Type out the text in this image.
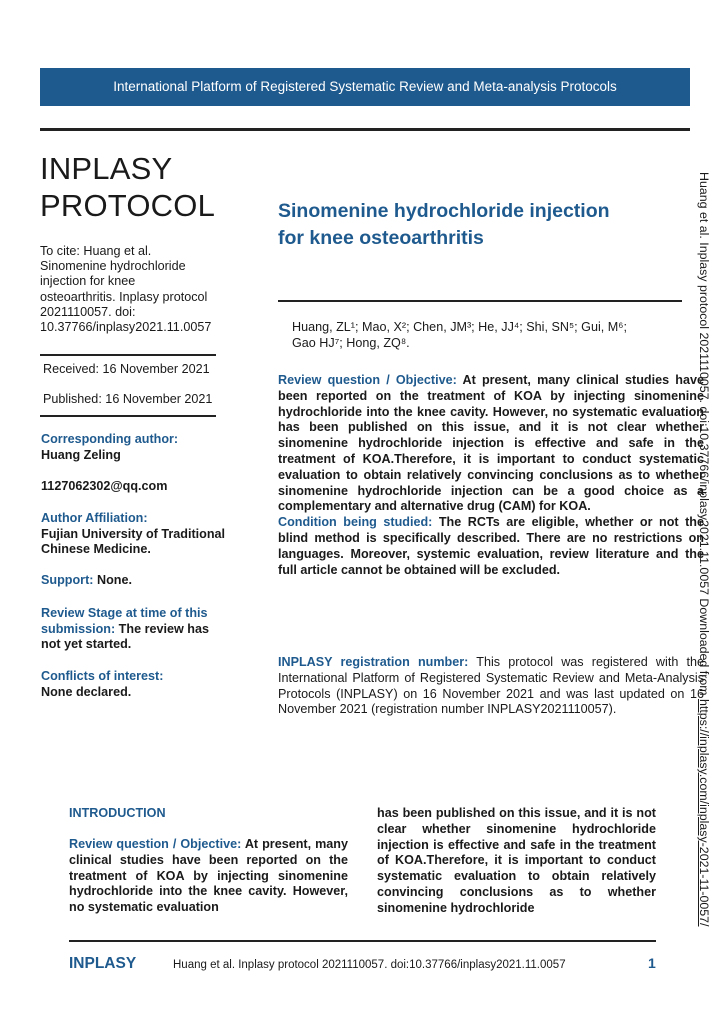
International Platform of Registered Systematic Review and Meta-analysis Protocols
INPLASY
PROTOCOL
To cite: Huang et al.
Sinomenine hydrochloride
injection for knee
osteoarthritis. Inplasy protocol
2021110057. doi:
10.37766/inplasy2021.11.0057
Received: 16 November 2021
Published: 16 November 2021
Corresponding author:
Huang Zeling
1127062302@qq.com
Author Affiliation:
Fujian University of Traditional
Chinese Medicine.
Support: None.
Review Stage at time of this
submission: The review has
not yet started.
Conflicts of interest:
None declared.
Sinomenine hydrochloride injection
for knee osteoarthritis
Huang, ZL¹; Mao, X²; Chen, JM³; He, JJ⁴; Shi, SN⁵; Gui, M⁶;
Gao HJ⁷; Hong, ZQ⁸.
Review question / Objective: At present, many clinical studies have been reported on the treatment of KOA by injecting sinomenine hydrochloride into the knee cavity. However, no systematic evaluation has been published on this issue, and it is not clear whether sinomenine hydrochloride injection is effective and safe in the treatment of KOA.Therefore, it is important to conduct systematic evaluation to obtain relatively convincing conclusions as to whether sinomenine hydrochloride injection can be a good choice as a complementary and alternative drug (CAM) for KOA.
Condition being studied: The RCTs are eligible, whether or not the blind method is specifically described. There are no restrictions on languages. Moreover, systemic evaluation, review literature and the full article cannot be obtained will be excluded.
INPLASY registration number: This protocol was registered with the International Platform of Registered Systematic Review and Meta-Analysis Protocols (INPLASY) on 16 November 2021 and was last updated on 16 November 2021 (registration number INPLASY2021110057).
INTRODUCTION
Review question / Objective: At present, many clinical studies have been reported on the treatment of KOA by injecting sinomenine hydrochloride into the knee cavity. However, no systematic evaluation
has been published on this issue, and it is not clear whether sinomenine hydrochloride injection is effective and safe in the treatment of KOA.Therefore, it is important to conduct systematic evaluation to obtain relatively convincing conclusions as to whether sinomenine hydrochloride
Huang et al. Inplasy protocol 2021110057. doi:10.37766/inplasy2021.11.0057 Downloaded from https://inplasy.com/inplasy-2021-11-0057/
INPLASY	Huang et al. Inplasy protocol 2021110057. doi:10.37766/inplasy2021.11.0057	1
